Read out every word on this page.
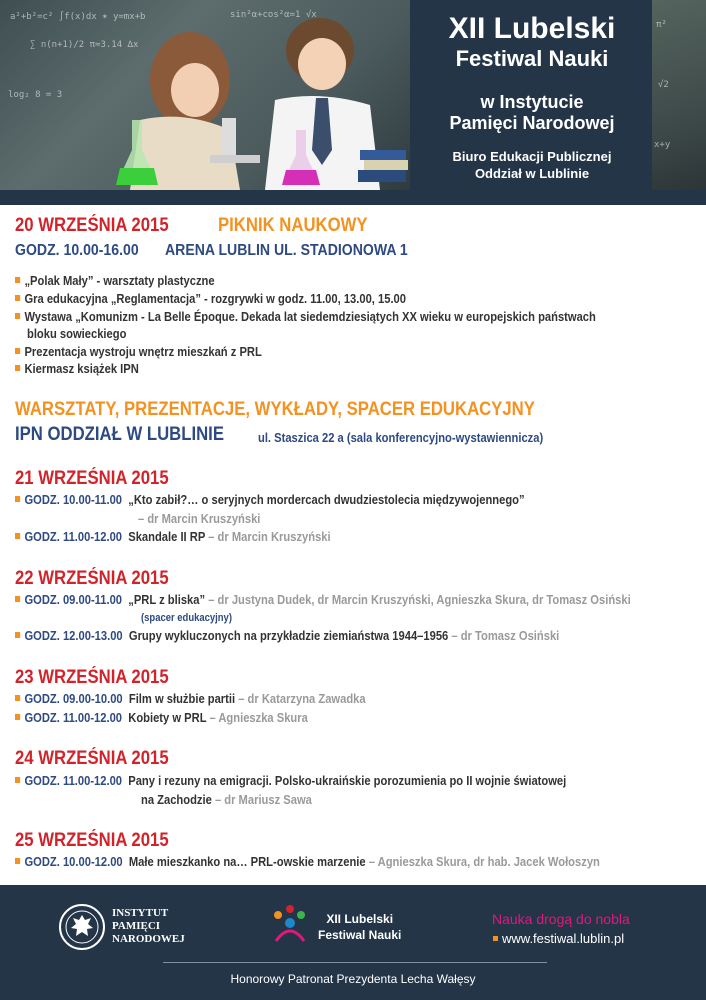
a²+b²=c² ∫f(x)dx ✶ y=mx+b
∑ n(n+1)/2 π≈3.14 ∆x
sin²α+cos²α=1 √x
log₂ 8 = 3
π²
√2
x+y
XII Lubelski
Festiwal Nauki
w Instytucie
Pamięci Narodowej
Biuro Edukacji Publicznej
Oddział w Lublinie
20 WRZEŚNIA 2015	PIKNIK NAUKOWY
GODZ. 10.00-16.00 ARENA LUBLIN UL. STADIONOWA 1
„Polak Mały” - warsztaty plastyczne
Gra edukacyjna „Reglamentacja” - rozgrywki w godz. 11.00, 13.00, 15.00
Wystawa „Komunizm - La Belle Époque. Dekada lat siedemdziesiątych XX wieku w europejskich państwach
bloku sowieckiego
Prezentacja wystroju wnętrz mieszkań z PRL
Kiermasz książek IPN
WARSZTATY, PREZENTACJE, WYKŁADY, SPACER EDUKACYJNY
IPN ODDZIAŁ W LUBLINIE	ul. Staszica 22 a (sala konferencyjno-wystawiennicza)
21 WRZEŚNIA 2015
GODZ. 10.00-11.00 „Kto zabił?… o seryjnych mordercach dwudziestolecia międzywojennego”
– dr Marcin Kruszyński
GODZ. 11.00-12.00 Skandale II RP – dr Marcin Kruszyński
22 WRZEŚNIA 2015
GODZ. 09.00-11.00 „PRL z bliska” – dr Justyna Dudek, dr Marcin Kruszyński, Agnieszka Skura, dr Tomasz Osiński
(spacer edukacyjny)
GODZ. 12.00-13.00 Grupy wykluczonych na przykładzie ziemiaństwa 1944–1956 – dr Tomasz Osiński
23 WRZEŚNIA 2015
GODZ. 09.00-10.00 Film w służbie partii – dr Katarzyna Zawadka
GODZ. 11.00-12.00 Kobiety w PRL – Agnieszka Skura
24 WRZEŚNIA 2015
GODZ. 11.00-12.00 Pany i rezuny na emigracji. Polsko-ukraińskie porozumienia po II wojnie światowej
na Zachodzie – dr Mariusz Sawa
25 WRZEŚNIA 2015
GODZ. 10.00-12.00 Małe mieszkanko na… PRL-owskie marzenie – Agnieszka Skura, dr hab. Jacek Wołoszyn
INSTYTUT
PAMIĘCI
NARODOWEJ
XII Lubelski
Festiwal Nauki
Nauka drogą do nobla
www.festiwal.lublin.pl
Honorowy Patronat Prezydenta Lecha Wałęsy
